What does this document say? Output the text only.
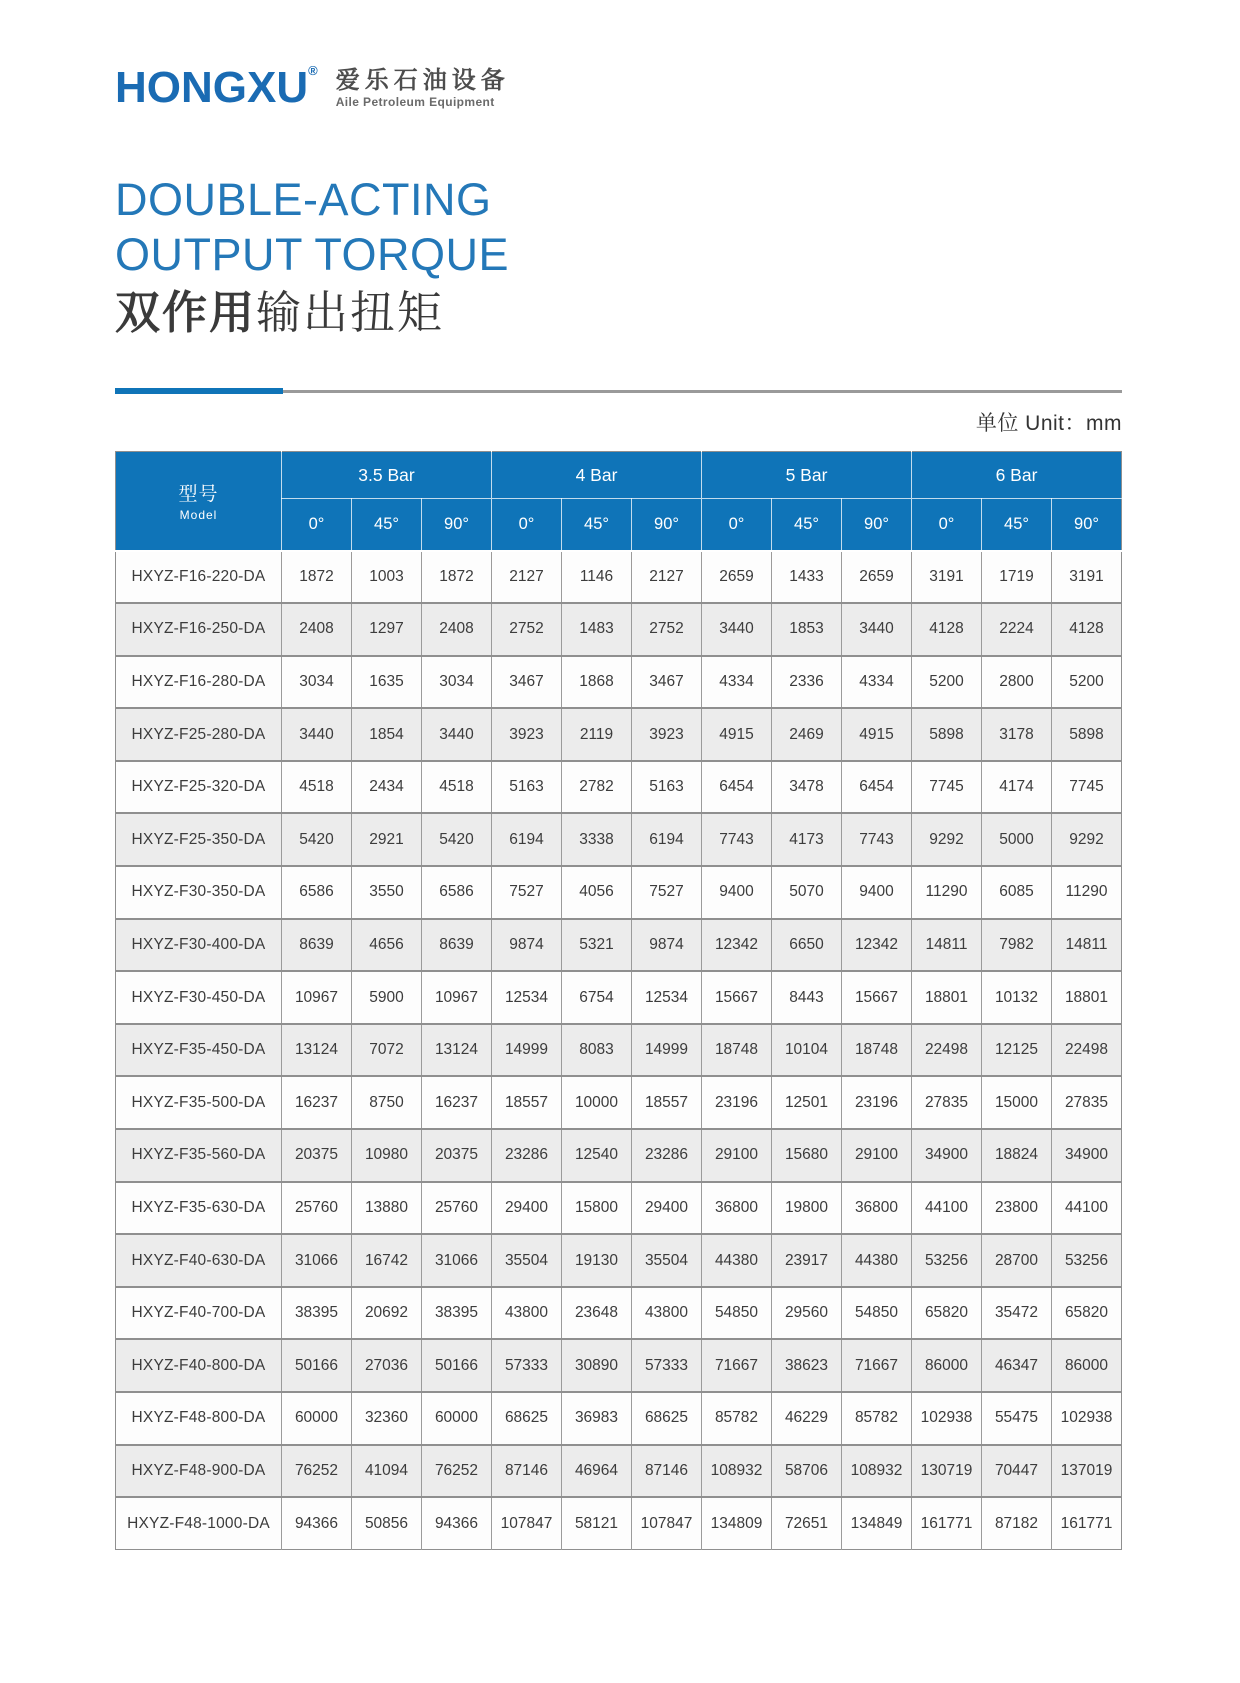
HONGXU® 爱乐石油设备
Aile Petroleum Equipment
DOUBLE-ACTING
OUTPUT TORQUE
双作用输出扭矩
单位 Unit：mm
型号
Model	3.5 Bar			4 Bar			5 Bar			6 Bar		
	0°	45°	90°	0°	45°	90°	0°	45°	90°	0°	45°	90°
HXYZ-F16-220-DA	1872	1003	1872	2127	1146	2127	2659	1433	2659	3191	1719	3191
HXYZ-F16-250-DA	2408	1297	2408	2752	1483	2752	3440	1853	3440	4128	2224	4128
HXYZ-F16-280-DA	3034	1635	3034	3467	1868	3467	4334	2336	4334	5200	2800	5200
HXYZ-F25-280-DA	3440	1854	3440	3923	2119	3923	4915	2469	4915	5898	3178	5898
HXYZ-F25-320-DA	4518	2434	4518	5163	2782	5163	6454	3478	6454	7745	4174	7745
HXYZ-F25-350-DA	5420	2921	5420	6194	3338	6194	7743	4173	7743	9292	5000	9292
HXYZ-F30-350-DA	6586	3550	6586	7527	4056	7527	9400	5070	9400	11290	6085	11290
HXYZ-F30-400-DA	8639	4656	8639	9874	5321	9874	12342	6650	12342	14811	7982	14811
HXYZ-F30-450-DA	10967	5900	10967	12534	6754	12534	15667	8443	15667	18801	10132	18801
HXYZ-F35-450-DA	13124	7072	13124	14999	8083	14999	18748	10104	18748	22498	12125	22498
HXYZ-F35-500-DA	16237	8750	16237	18557	10000	18557	23196	12501	23196	27835	15000	27835
HXYZ-F35-560-DA	20375	10980	20375	23286	12540	23286	29100	15680	29100	34900	18824	34900
HXYZ-F35-630-DA	25760	13880	25760	29400	15800	29400	36800	19800	36800	44100	23800	44100
HXYZ-F40-630-DA	31066	16742	31066	35504	19130	35504	44380	23917	44380	53256	28700	53256
HXYZ-F40-700-DA	38395	20692	38395	43800	23648	43800	54850	29560	54850	65820	35472	65820
HXYZ-F40-800-DA	50166	27036	50166	57333	30890	57333	71667	38623	71667	86000	46347	86000
HXYZ-F48-800-DA	60000	32360	60000	68625	36983	68625	85782	46229	85782	102938	55475	102938
HXYZ-F48-900-DA	76252	41094	76252	87146	46964	87146	108932	58706	108932	130719	70447	137019
HXYZ-F48-1000-DA	94366	50856	94366	107847	58121	107847	134809	72651	134849	161771	87182	161771
